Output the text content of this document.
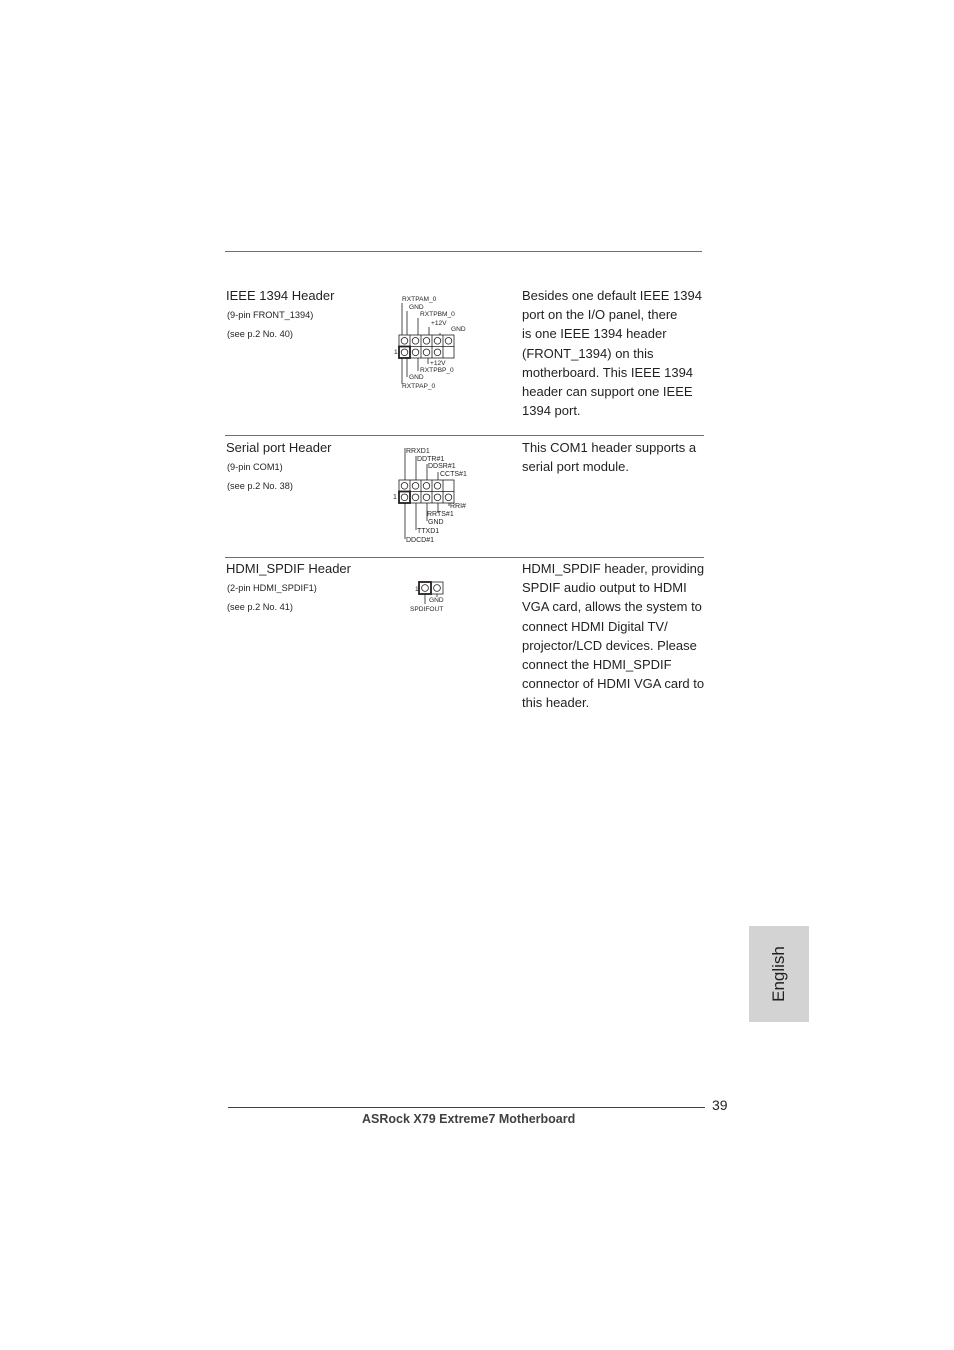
IEEE 1394 Header
(9-pin FRONT_1394)
(see p.2 No. 40)
Besides one default IEEE 1394
port on the I/O panel, there
is one IEEE 1394 header
(FRONT_1394) on this
motherboard. This IEEE 1394
header can support one IEEE
1394 port.
RXTPAM_0
GND
RXTPBM_0
+12V
GND
1
+12V
RXTPBP_0
GND
RXTPAP_0
Serial port Header
(9-pin COM1)
(see p.2 No. 38)
This COM1 header supports a
serial port module.
RRXD1
DDTR#1
DDSR#1
CCTS#1
1
RRI#
RRTS#1
GND
TTXD1
DDCD#1
HDMI_SPDIF Header
(2-pin HDMI_SPDIF1)
(see p.2 No. 41)
HDMI_SPDIF header, providing
SPDIF audio output to HDMI
VGA card, allows the system to
connect HDMI Digital TV/
projector/LCD devices. Please
connect the HDMI_SPDIF
connector of HDMI VGA card to
this header.
1
GND
SPDIFOUT
English
39
ASRock X79 Extreme7 Motherboard
